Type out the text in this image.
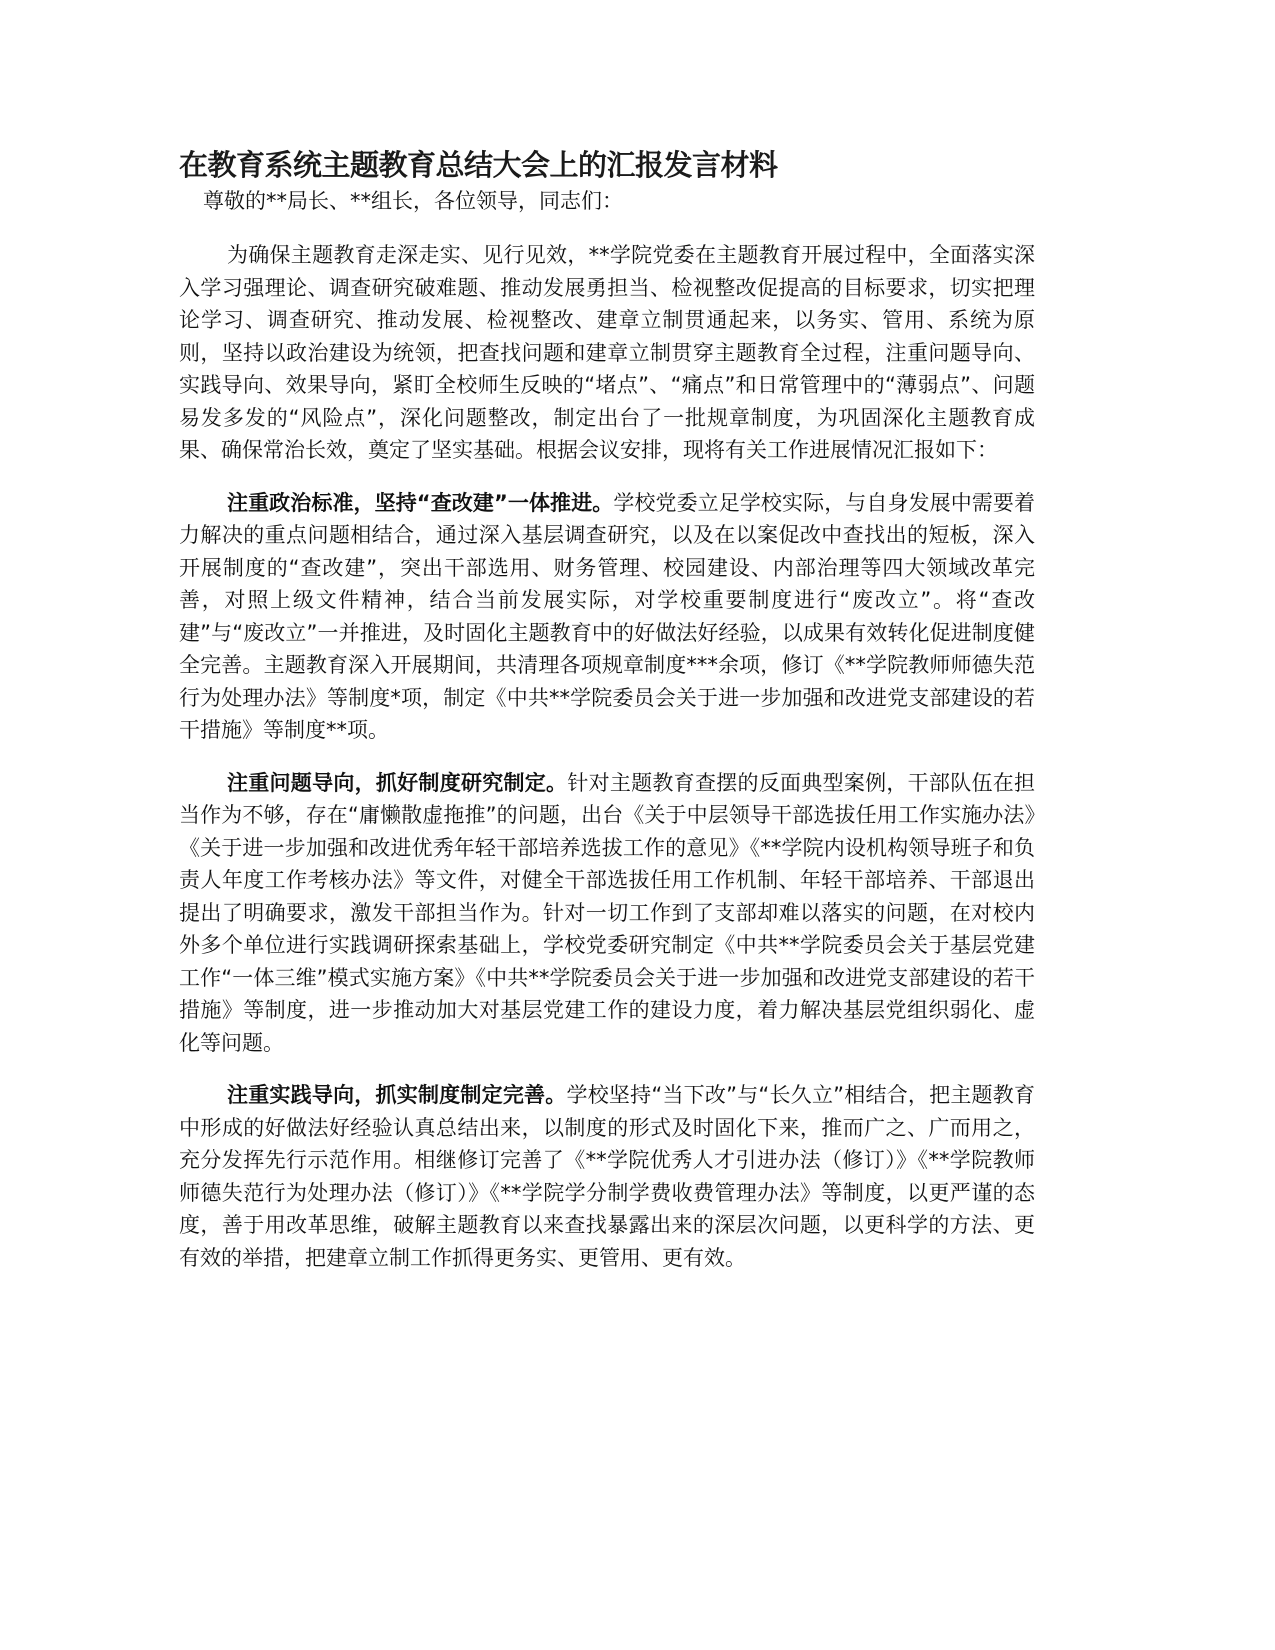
在教育系统主题教育总结大会上的汇报发言材料

尊敬的**局长、**组长，各位领导，同志们：

为确保主题教育走深走实、见行见效，**学院党委在主题教育开展过程中，全面落实深入学习强理论、调查研究破难题、推动发展勇担当、检视整改促提高的目标要求，切实把理论学习、调查研究、推动发展、检视整改、建章立制贯通起来，以务实、管用、系统为原则，坚持以政治建设为统领，把查找问题和建章立制贯穿主题教育全过程，注重问题导向、实践导向、效果导向，紧盯全校师生反映的“堵点”、“痛点”和日常管理中的“薄弱点”、问题易发多发的“风险点”，深化问题整改，制定出台了一批规章制度，为巩固深化主题教育成果、确保常治长效，奠定了坚实基础。根据会议安排，现将有关工作进展情况汇报如下：

注重政治标准，坚持“查改建”一体推进。学校党委立足学校实际，与自身发展中需要着力解决的重点问题相结合，通过深入基层调查研究，以及在以案促改中查找出的短板，深入开展制度的“查改建”，突出干部选用、财务管理、校园建设、内部治理等四大领域改革完善，对照上级文件精神，结合当前发展实际，对学校重要制度进行“废改立”。将“查改建”与“废改立”一并推进，及时固化主题教育中的好做法好经验，以成果有效转化促进制度健全完善。主题教育深入开展期间，共清理各项规章制度***余项，修订《**学院教师师德失范行为处理办法》等制度*项，制定《中共**学院委员会关于进一步加强和改进党支部建设的若干措施》等制度**项。

注重问题导向，抓好制度研究制定。针对主题教育查摆的反面典型案例，干部队伍在担当作为不够，存在“庸懒散虚拖推”的问题，出台《关于中层领导干部选拔任用工作实施办法》《关于进一步加强和改进优秀年轻干部培养选拔工作的意见》《**学院内设机构领导班子和负责人年度工作考核办法》等文件，对健全干部选拔任用工作机制、年轻干部培养、干部退出提出了明确要求，激发干部担当作为。针对一切工作到了支部却难以落实的问题，在对校内外多个单位进行实践调研探索基础上，学校党委研究制定《中共**学院委员会关于基层党建工作“一体三维”模式实施方案》《中共**学院委员会关于进一步加强和改进党支部建设的若干措施》等制度，进一步推动加大对基层党建工作的建设力度，着力解决基层党组织弱化、虚化等问题。

注重实践导向，抓实制度制定完善。学校坚持“当下改”与“长久立”相结合，把主题教育中形成的好做法好经验认真总结出来，以制度的形式及时固化下来，推而广之、广而用之，充分发挥先行示范作用。相继修订完善了《**学院优秀人才引进办法（修订）》《**学院教师师德失范行为处理办法（修订）》《**学院学分制学费收费管理办法》等制度，以更严谨的态度，善于用改革思维，破解主题教育以来查找暴露出来的深层次问题，以更科学的方法、更有效的举措，把建章立制工作抓得更务实、更管用、更有效。
